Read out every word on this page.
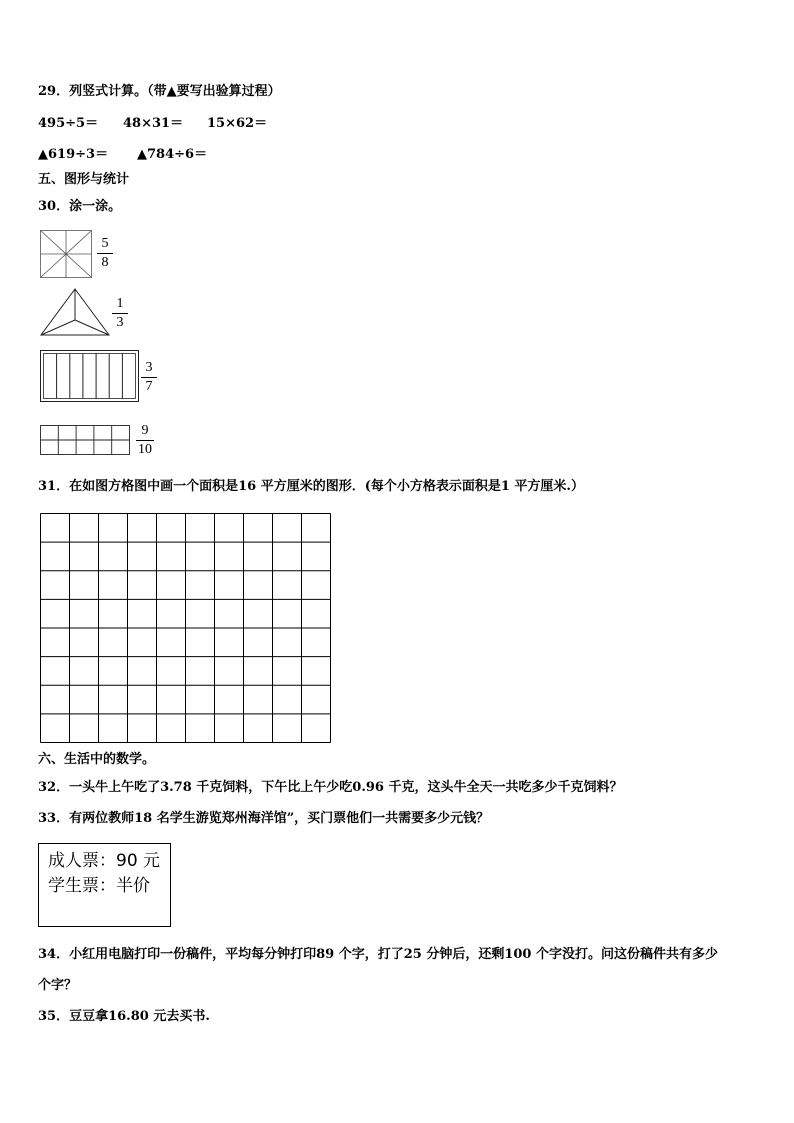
29．列竖式计算。（带▲要写出验算过程）
495÷5＝ 48×31＝ 15×62＝
▲619÷3＝ ▲784÷6＝
五、图形与统计
30．涂一涂。
5
8
1
3
3
7
9
10
31．在如图方格图中画一个面积是16 平方厘米的图形．(每个小方格表示面积是1 平方厘米.）
六、生活中的数学。
32．一头牛上午吃了3.78 千克饲料，下午比上午少吃0.96 千克，这头牛全天一共吃多少千克饲料？
33．有两位教师18 名学生游览郑州海洋馆”，买门票他们一共需要多少元钱？
成人票：90 元
学生票：半价
34．小红用电脑打印一份稿件，平均每分钟打印89 个字，打了25 分钟后，还剩100 个字没打。问这份稿件共有多少
个字？
35．豆豆拿16.80 元去买书.
